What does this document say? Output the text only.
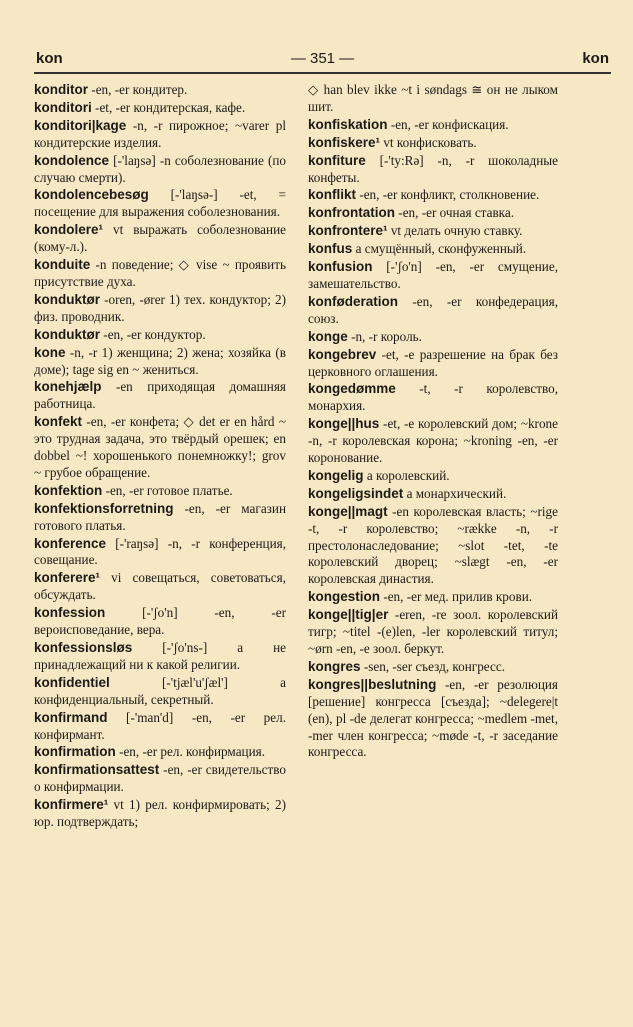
kon	— 351 —	kon
konditor -en, -er кондитер.
konditori -et, -er кондитерская, кафе.
konditori|kage -n, -r пирожное; ~varer pl кондитерские изделия.
kondolence [-'laŋsə] -n соболезнование (по случаю смерти).
kondolencebesøg [-'laŋsə-] -et, = посещение для выражения соболезнования.
kondolere¹ vt выражать соболезнование (кому-л.).
konduite -n поведение; ◇ vise ~ проявить присутствие духа.
konduktør -oren, -ører 1) тех. кондуктор; 2) физ. проводник.
konduktør -en, -er кондуктор.
kone -n, -r 1) женщина; 2) жена; хозяйка (в доме); tage sig en ~ жениться.
konehjælp -en приходящая домашняя работница.
konfekt -en, -er конфета; ◇ det er en hård ~ это трудная задача, это твёрдый орешек; en dobbel ~! хорошенького понемножку!; grov ~ грубое обращение.
konfektion -en, -er готовое платье.
konfektionsforretning -en, -er магазин готового платья.
konference [-'raŋsə] -n, -r конференция, совещание.
konferere¹ vi совещаться, советоваться, обсуждать.
konfession [-'ʃo'n] -en, -er вероисповедание, вера.
konfessionsløs [-'ʃo'ns-] a не принадлежащий ни к какой религии.
konfidentiel [-'tjæl'u'ʃæl'] a конфиденциальный, секретный.
konfirmand [-'man'd] -en, -er рел. конфирмант.
konfirmation -en, -er рел. конфирмация.
konfirmationsattest -en, -er свидетельство о конфирмации.
konfirmere¹ vt 1) рел. конфирмировать; 2) юр. подтверждать;
◇ han blev ikke ~t i søndags ≅ он не лыком шит.
konfiskation -en, -er конфискация.
konfiskere¹ vt конфисковать.
konfiture [-'ty:Rə] -n, -r шоколадные конфеты.
konflikt -en, -er конфликт, столкновение.
konfrontation -en, -er очная ставка.
konfrontere¹ vt делать очную ставку.
konfus a смущённый, сконфуженный.
konfusion [-'ʃo'n] -en, -er смущение, замешательство.
konføderation -en, -er конфедерация, союз.
konge -n, -r король.
kongebrev -et, -e разрешение на брак без церковного оглашения.
kongedømme -t, -r королевство, монархия.
konge||hus -et, -e королевский дом; ~krone -n, -r королевская корона; ~kroning -en, -er коронование.
kongelig a королевский.
kongeligsindet a монархический.
konge||magt -en королевская власть; ~rige -t, -r королевство; ~række -n, -r престолонаследование; ~slot -tet, -te королевский дворец; ~slægt -en, -er королевская династия.
kongestion -en, -er мед. прилив крови.
konge||tig|er -eren, -re зоол. королевский тигр; ~titel -(e)len, -ler королевский титул; ~ørn -en, -e зоол. беркут.
kongres -sen, -ser съезд, конгресс.
kongres||beslutning -en, -er резолюция [решение] конгресса [съезда]; ~delegere|t (en), pl -de делегат конгресса; ~medlem -met, -mer член конгресса; ~møde -t, -r заседание конгресса.
